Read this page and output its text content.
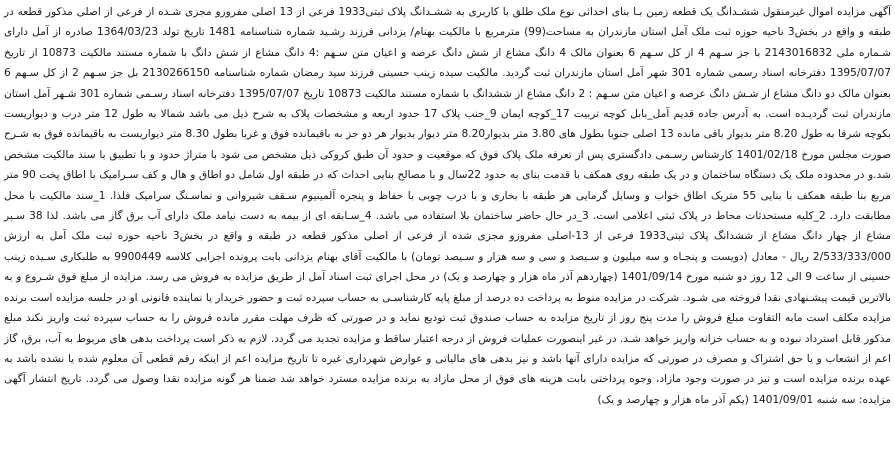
آگهی مزایده اموال غیرمنقول ششـدانگ یک قطعه زمین بـا بنای احداثی نوع ملک طلق با کاربری به ششـدانگ پلاک ثبتی1933 فرعی از 13 اصلی مفروزو مجزی شـده از فرعی از اصلی مذکور قطعه در طبقه و واقع در بخش3 ناحیه حوزه ثبت ملک آمل استان مازندران به مساحت(99) مترمربع با مالکیت بهنام/ یزدانی فرزند رشـید شماره شناسنامه 1481 تاریخ تولد 1364/03/23 صادره از آمل دارای شـماره ملی 2143016832 با جز سـهم 4 از کل سـهم 6 بعنوان مالک 4 دانگ مشاع از شش دانگ عرصه و اعیان متن سـهم :4 دانگ مشاع از شش دانگ با شماره مستند مالکیت 10873 از تاریخ 1395/07/07 دفترخانه اسناد رسمی شماره 301 شهر آمل استان مازندران ثبت گردید. مالکیت سیده زینب حسینی فرزند سید رمضان شماره شناسنامه 2130266150 بل جز سـهم 2 از کل سـهم 6 بعنوان مالک دو دانگ مشاع از شـش دانگ عرصه و اعیان متن سـهم : 2 دانگ مشاع از ششدانگ با شماره مستند مالکیت 10873 تاریخ 1395/07/07 دفترخانه اسناد رسـمی شماره 301 شـهر آمل استان مازندران ثبت گردیـده است. به آدرس جاده قدیم آمل_بابل کوچه تربیت 17_کوچه ایمان 9_جنب پلاک 17 حدود اربعه و مشخصات پلاک به شرح ذیل می باشد شمالا به طول 12 متر درب و دیواریست بکوچه شرقا به طول 8.20 متر بدیوار باقی مانده 13 اصلی جنوبا بطول های 3.80 متر بدیوار8.20 متر دیوار بدیوار هر دو جز به باقیمانده فوق و غربا بطول 8.30 متر دیواریست به باقیمانده فوق به شـرح صورت مجلس مورخ 1401/02/18 کارشناس رسـمی دادگستری پس از تعرفه ملک پلاک فوق که موقعیت و حدود آن طبق کروکی ذیل مشخص می شود با متراژ حدود و با تطبیق با سند مالکیت مشخص شد.و در محدوده ملک یک دستگاه ساختمان و در یک طبقه روی همکف با قدمت بنای به حدود 22سال و با مصالح بنایی احداث که در طبقه اول شامل دو اطاق و هال و کف سـرامیک با اطاق پخت 90 متر مربع بنا طبقه همکف با بنایی 55 متریک اطاق خواب و وسایل گرمایی هر طبقه با بخاری و با درب چوبی با حفاظ و پنجره آلمینیوم سـقف شیروانی و نماسـنگ سرامیک فلذا. 1_سند مالکیت با محل مطابقت دارد. 2_کلیه مستحدثات محاط در پلاک ثبتی اعلامی است. 3_در حال حاضر ساختمان بلا استفاده می باشد. 4_سـابقه ای از بیمه به دست نیامد ملک دارای آب برق گاز می باشد. لذا 38 سـیر مشاع از چهار دانگ مشاع از ششدانگ پلاک ثبتی1933 فرعی از 13-اصلی مفروزو مجزی شده از فرعی از اصلی مذکور قطعه در طبقه و واقع در بخش3 ناحیه حوزه ثبت ملک آمل به ارزش 2/533/333/000 ریال - معادل (دویست و پنجـاه و سه میلیون و سـیصد و سی و سه هزار و سـیصد تومان) با مالکیت آقای بهنام یزدانی بابت پرونده اجرایی کلاسه 9900449 به طلبکاری سـیده زینب حسینی از ساعت 9 الی 12 روز دو شنبه مورخ 1401/09/14 (چهاردهم آذر ماه هزار و چهارصد و یک) در محل اجرای ثبت اسناد آمل از طریق مزایده به فروش می رسد. مزایده از مبلغ فوق شـروع و به بالاترین قیمت پیشـنهادی نقدا فروخته می شـود. شرکت در مزایده منوط به پرداخت ده درصد از مبلغ پایه کارشناسـی به حساب سپرده ثبت و حضور خریدار یا نماینده قانونی او در جلسه مزایده است برنده مزایده مکلف است مابه التفاوت مبلغ فروش را مدت پنج روز از تاریخ مزایده به حساب صندوق ثبت تودیع نماید و در صورتی که ظرف مهلت مقرر مانده فروش را به حساب سپرده ثبت واریز نکند مبلغ مذکور قابل استرداد نبوده و به حساب خزانه واریز خواهد شـد. در غیر اینصورت عملیات فروش از درجه اعتبار ساقط و مزایده تجدید می گردد. لازم به ذکر است پرداخت بدهی های مربوط به آب، برق، گاز اعم از انشعاب و یا حق اشتراک و مصرف در صورتی که مزایده دارای آنها باشد و نیز بدهی های مالیاتی و عوارض شهرداری غیره تا تاریخ مزایده اعم از اینکه رقم قطعی آن معلوم شده یا نشده باشد به عهده برنده مزایده است و نیز در صورت وجود مازاد، وجوه پرداختی بابت هزینه های فوق از محل مازاد به برنده مزایده مسترد خواهد شد ضمنا هر گونه مزایده نقدا وصول می گردد. تاریخ انتشار آگهی مزایده: سه شنبه 1401/09/01 (یکم آذر ماه هزار و چهارصد و یک)
